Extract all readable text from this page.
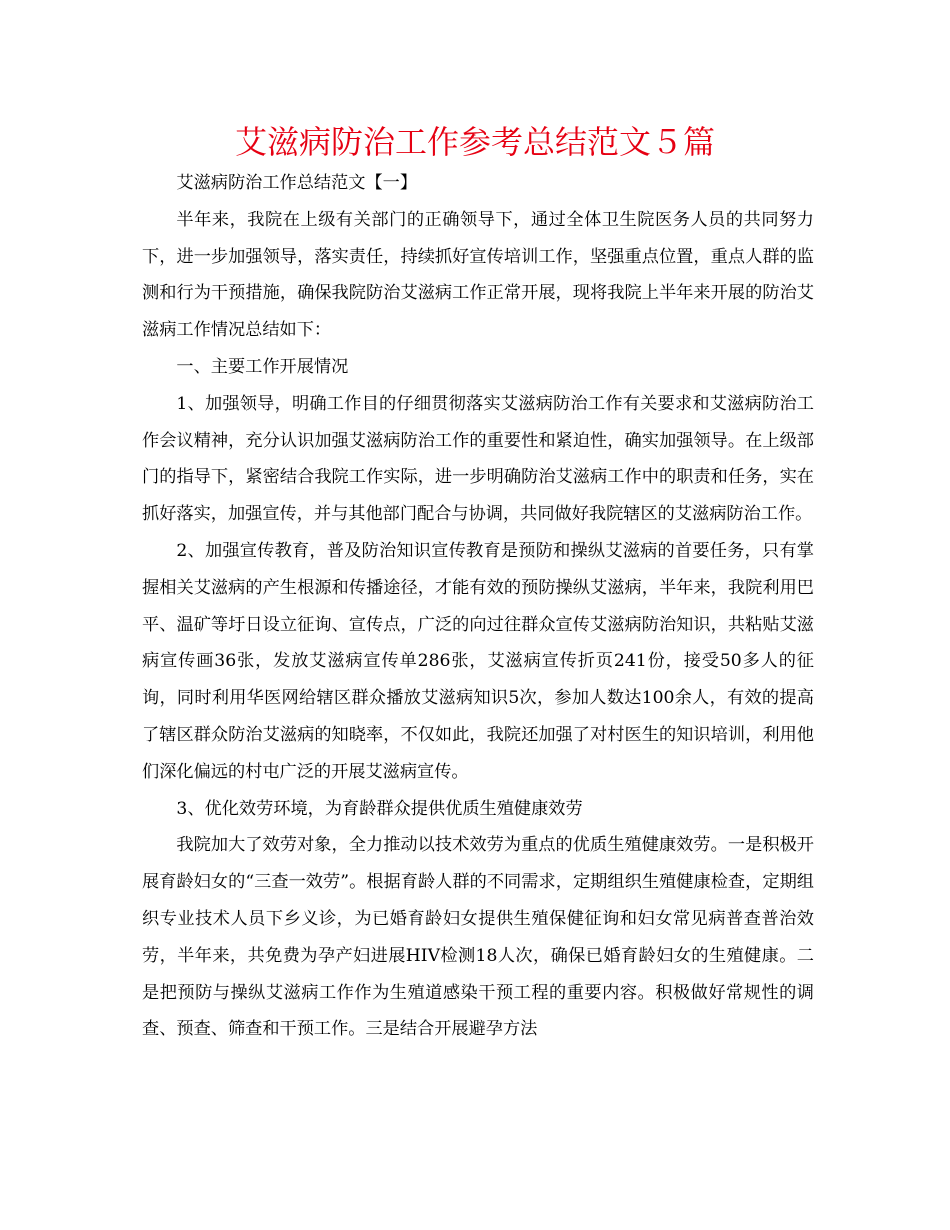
艾滋病防治工作参考总结范文５篇

艾滋病防治工作总结范文【一】

半年来，我院在上级有关部门的正确领导下，通过全体卫生院医务人员的共同努力下，进一步加强领导，落实责任，持续抓好宣传培训工作，坚强重点位置，重点人群的监测和行为干预措施，确保我院防治艾滋病工作正常开展，现将我院上半年来开展的防治艾滋病工作情况总结如下：

一、主要工作开展情况

1、加强领导，明确工作目的仔细贯彻落实艾滋病防治工作有关要求和艾滋病防治工作会议精神，充分认识加强艾滋病防治工作的重要性和紧迫性，确实加强领导。在上级部门的指导下，紧密结合我院工作实际，进一步明确防治艾滋病工作中的职责和任务，实在抓好落实，加强宣传，并与其他部门配合与协调，共同做好我院辖区的艾滋病防治工作。

2、加强宣传教育，普及防治知识宣传教育是预防和操纵艾滋病的首要任务，只有掌握相关艾滋病的产生根源和传播途径，才能有效的预防操纵艾滋病，半年来，我院利用巴平、温矿等圩日设立征询、宣传点，广泛的向过往群众宣传艾滋病防治知识，共粘贴艾滋病宣传画36张，发放艾滋病宣传单286张，艾滋病宣传折页241份，接受50多人的征询，同时利用华医网给辖区群众播放艾滋病知识5次，参加人数达100余人，有效的提高了辖区群众防治艾滋病的知晓率，不仅如此，我院还加强了对村医生的知识培训，利用他们深化偏远的村屯广泛的开展艾滋病宣传。

3、优化效劳环境，为育龄群众提供优质生殖健康效劳

我院加大了效劳对象，全力推动以技术效劳为重点的优质生殖健康效劳。一是积极开展育龄妇女的“三查一效劳”。根据育龄人群的不同需求，定期组织生殖健康检查，定期组织专业技术人员下乡义诊，为已婚育龄妇女提供生殖保健征询和妇女常见病普查普治效劳，半年来，共免费为孕产妇进展HIV检测18人次，确保已婚育龄妇女的生殖健康。二是把预防与操纵艾滋病工作作为生殖道感染干预工程的重要内容。积极做好常规性的调查、预查、筛查和干预工作。三是结合开展避孕方法
